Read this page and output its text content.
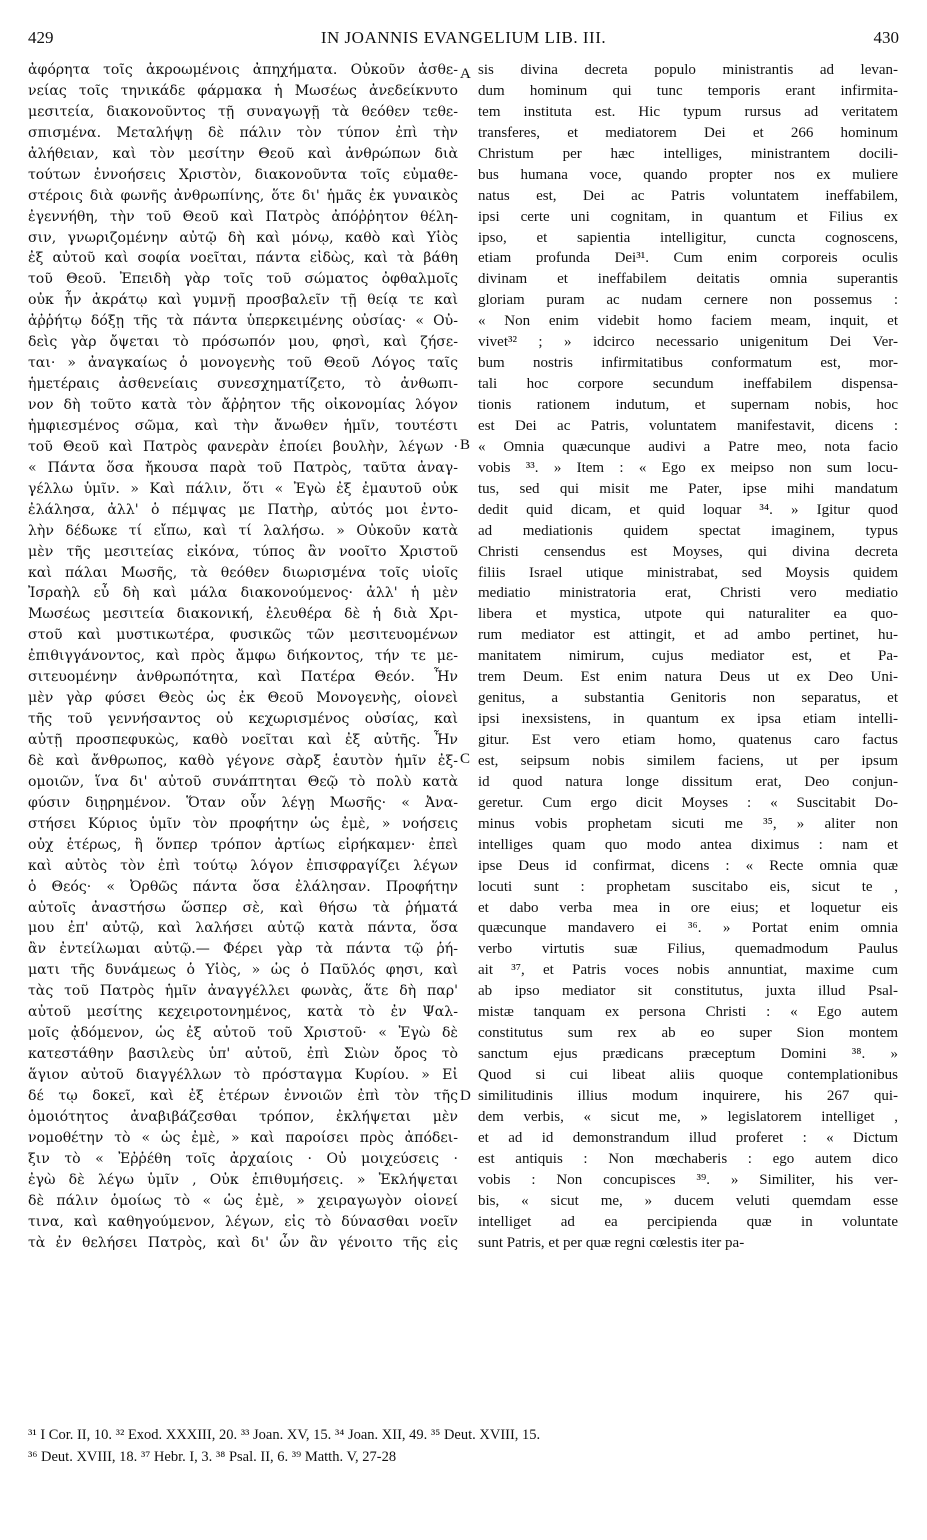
429	IN JOANNIS EVANGELIUM LIB. III.	430
ἀφόρητα τοῖς ἀκροωμένοις ἀπηχήματα. Οὐκοῦν ἀσθε-
νείας τοῖς τηνικάδε φάρμακα ἡ Μωσέως ἀνεδείκνυτο
μεσιτεία, διακονοῦντος τῇ συναγωγῇ τὰ θεόθεν τεθε-
σπισμένα. Μεταλήψῃ δὲ πάλιν τὸν τύπον ἐπὶ τὴν
ἀλήθειαν, καὶ τὸν μεσίτην Θεοῦ καὶ ἀνθρώπων διὰ
τούτων ἐννοήσεις Χριστὸν, διακονοῦντα τοῖς εὐμαθε-
στέροις διὰ φωνῆς ἀνθρωπίνης, ὅτε δι' ἡμᾶς ἐκ γυναικὸς
ἐγεννήθη, τὴν τοῦ Θεοῦ καὶ Πατρὸς ἀπόῤῥητον θέλη-
σιν, γνωριζομένην αὐτῷ δὴ καὶ μόνῳ, καθὸ καὶ Υἱὸς
ἐξ αὐτοῦ καὶ σοφία νοεῖται, πάντα εἰδὼς, καὶ τὰ βάθη
τοῦ Θεοῦ. Ἐπειδὴ γὰρ τοῖς τοῦ σώματος ὀφθαλμοῖς
οὐκ ἦν ἀκράτῳ καὶ γυμνῇ προσβαλεῖν τῇ θείᾳ τε καὶ
ἀῤῥήτῳ δόξῃ τῆς τὰ πάντα ὑπερκειμένης οὐσίας· « Οὐ-
δεὶς γὰρ ὄψεται τὸ πρόσωπόν μου, φησὶ, καὶ ζήσε-
ται· » ἀναγκαίως ὁ μονογενὴς τοῦ Θεοῦ Λόγος ταῖς
ἡμετέραις ἀσθενείαις συνεσχηματίζετο, τὸ ἀνθωπι-
νον δὴ τοῦτο κατὰ τὸν ἄῤῥητον τῆς οἰκονομίας λόγον
ἠμφιεσμένος σῶμα, καὶ τὴν ἄνωθεν ἡμῖν, τουτέστι
τοῦ Θεοῦ καὶ Πατρὸς φανερὰν ἐποίει βουλὴν, λέγων ·
« Πάντα ὅσα ἤκουσα παρὰ τοῦ Πατρὸς, ταῦτα ἀναγ-
γέλλω ὑμῖν. » Καὶ πάλιν, ὅτι « Ἐγὼ ἐξ ἐμαυτοῦ οὐκ
ἐλάλησα, ἀλλ' ὁ πέμψας με Πατὴρ, αὐτός μοι ἐντο-
λὴν δέδωκε τί εἴπω, καὶ τί λαλήσω. » Οὐκοῦν κατὰ
μὲν τῆς μεσιτείας εἰκόνα, τύπος ἂν νοοῖτο Χριστοῦ
καὶ πάλαι Μωσῆς, τὰ θεόθεν διωρισμένα τοῖς υἱοῖς
Ἰσραὴλ εὖ δὴ καὶ μάλα διακονούμενος· ἀλλ' ἡ μὲν
Μωσέως μεσιτεία διακονική, ἐλευθέρα δὲ ἡ διὰ Χρι-
στοῦ καὶ μυστικωτέρα, φυσικῶς τῶν μεσιτευομένων
ἐπιθιγγάνοντος, καὶ πρὸς ἄμφω διήκοντος, τήν τε με-
σιτευομένην ἀνθρωπότητα, καὶ Πατέρα Θεόν. Ἦν
μὲν γὰρ φύσει Θεὸς ὡς ἐκ Θεοῦ Μονογενὴς, οἱονεὶ
τῆς τοῦ γεννήσαντος οὐ κεχωρισμένος οὐσίας, καὶ
αὐτῇ προσπεφυκὼς, καθὸ νοεῖται καὶ ἐξ αὐτῆς. Ἦν
δὲ καὶ ἄνθρωπος, καθὸ γέγονε σὰρξ ἑαυτὸν ἡμῖν ἐξ-
ομοιῶν, ἵνα δι' αὐτοῦ συνάπτηται Θεῷ τὸ πολὺ κατὰ
φύσιν διῃρημένον. Ὅταν οὖν λέγῃ Μωσῆς· « Ἀνα-
στήσει Κύριος ὑμῖν τὸν προφήτην ὡς ἐμὲ, » νοήσεις
οὐχ ἑτέρως, ἢ ὅνπερ τρόπον ἀρτίως εἰρήκαμεν· ἐπεὶ
καὶ αὐτὸς τὸν ἐπὶ τούτῳ λόγον ἐπισφραγίζει λέγων
ὁ Θεός· « Ὀρθῶς πάντα ὅσα ἐλάλησαν. Προφήτην
αὐτοῖς ἀναστήσω ὥσπερ σὲ, καὶ θήσω τὰ ῥήματά
μου ἐπ' αὐτῷ, καὶ λαλήσει αὐτῷ κατὰ πάντα, ὅσα
ἂν ἐντείλωμαι αὐτῷ.— Φέρει γὰρ τὰ πάντα τῷ ῥή-
ματι τῆς δυνάμεως ὁ Υἱὸς, » ὡς ὁ Παῦλός φησι, καὶ
τὰς τοῦ Πατρὸς ἡμῖν ἀναγγέλλει φωνὰς, ἅτε δὴ παρ'
αὐτοῦ μεσίτης κεχειροτονημένος, κατὰ τὸ ἐν Ψαλ-
μοῖς ᾀδόμενον, ὡς ἐξ αὐτοῦ τοῦ Χριστοῦ· « Ἐγὼ δὲ
κατεστάθην βασιλεὺς ὑπ' αὐτοῦ, ἐπὶ Σιὼν ὄρος τὸ
ἅγιον αὐτοῦ διαγγέλλων τὸ πρόσταγμα Κυρίου. » Εἰ
δέ τῳ δοκεῖ, καὶ ἐξ ἑτέρων ἐννοιῶν ἐπὶ τὸν τῆς
ὁμοιότητος ἀναβιβάζεσθαι τρόπον, ἐκλήψεται μὲν
νομοθέτην τὸ « ὡς ἐμὲ, » καὶ παροίσει πρὸς ἀπόδει-
ξιν τὸ « Ἐῤῥέθη τοῖς ἀρχαίοις · Οὐ μοιχεύσεις ·
ἐγὼ δὲ λέγω ὑμῖν , Οὐκ ἐπιθυμήσεις. » Ἐκλήψεται
δὲ πάλιν ὁμοίως τὸ « ὡς ἐμὲ, » χειραγωγὸν οἱονεί
τινα, καὶ καθηγούμενον, λέγων, εἰς τὸ δύνασθαι νοεῖν
τὰ ἐν θελήσει Πατρὸς, καὶ δι' ὧν ἂν γένοιτο τῆς εἰς
sis divina decreta populo ministrantis ad levan-
dum hominum qui tunc temporis erant infirmita-
tem instituta est. Hic typum rursus ad veritatem
transferes, et mediatorem Dei et 266 hominum
Christum per hæc intelliges, ministrantem docili-
bus humana voce, quando propter nos ex muliere
natus est, Dei ac Patris voluntatem ineffabilem,
ipsi certe uni cognitam, in quantum et Filius ex
ipso, et sapientia intelligitur, cuncta cognoscens,
etiam profunda Dei³¹. Cum enim corporeis oculis
divinam et ineffabilem deitatis omnia superantis
gloriam puram ac nudam cernere non possemus :
« Non enim videbit homo faciem meam, inquit, et
vivet³² ; » idcirco necessario unigenitum Dei Ver-
bum nostris infirmitatibus conformatum est, mor-
tali hoc corpore secundum ineffabilem dispensa-
tionis rationem indutum, et supernam nobis, hoc
est Dei ac Patris, voluntatem manifestavit, dicens :
« Omnia quæcunque audivi a Patre meo, nota facio
vobis ³³. » Item : « Ego ex meipso non sum locu-
tus, sed qui misit me Pater, ipse mihi mandatum
dedit quid dicam, et quid loquar ³⁴. » Igitur quod
ad mediationis quidem spectat imaginem, typus
Christi censendus est Moyses, qui divina decreta
filiis Israel utique ministrabat, sed Moysis quidem
mediatio ministratoria erat, Christi vero mediatio
libera et mystica, utpote qui naturaliter ea quo-
rum mediator est attingit, et ad ambo pertinet, hu-
manitatem nimirum, cujus mediator est, et Pa-
trem Deum. Est enim natura Deus ut ex Deo Uni-
genitus, a substantia Genitoris non separatus, et
ipsi inexsistens, in quantum ex ipsa etiam intelli-
gitur. Est vero etiam homo, quatenus caro factus
est, seipsum nobis similem faciens, ut per ipsum
id quod natura longe dissitum erat, Deo conjun-
geretur. Cum ergo dicit Moyses : « Suscitabit Do-
minus vobis prophetam sicuti me ³⁵, » aliter non
intelliges quam quo modo antea diximus : nam et
ipse Deus id confirmat, dicens : « Recte omnia quæ
locuti sunt : prophetam suscitabo eis, sicut te ,
et dabo verba mea in ore eius; et loquetur eis
quæcunque mandavero ei ³⁶. » Portat enim omnia
verbo virtutis suæ Filius, quemadmodum Paulus
ait ³⁷, et Patris voces nobis annuntiat, maxime cum
ab ipso mediator sit constitutus, juxta illud Psal-
mistæ tanquam ex persona Christi : « Ego autem
constitutus sum rex ab eo super Sion montem
sanctum ejus prædicans præceptum Domini ³⁸. »
Quod si cui libeat aliis quoque contemplationibus
similitudinis illius modum inquirere, his 267 qui-
dem verbis, « sicut me, » legislatorem intelliget ,
et ad id demonstrandum illud proferet : « Dictum
est antiquis : Non mœchaberis : ego autem dico
vobis : Non concupisces ³⁹. » Similiter, his ver-
bis, « sicut me, » ducem veluti quemdam esse
intelliget ad ea percipienda quæ in voluntate
sunt Patris, et per quæ regni cœlestis iter pa-
A
B
C
D
³¹ I Cor. II, 10. ³² Exod. XXXIII, 20. ³³ Joan. XV, 15. ³⁴ Joan. XII, 49. ³⁵ Deut. XVIII, 15.
³⁶ Deut. XVIII, 18. ³⁷ Hebr. I, 3. ³⁸ Psal. II, 6. ³⁹ Matth. V, 27-28
